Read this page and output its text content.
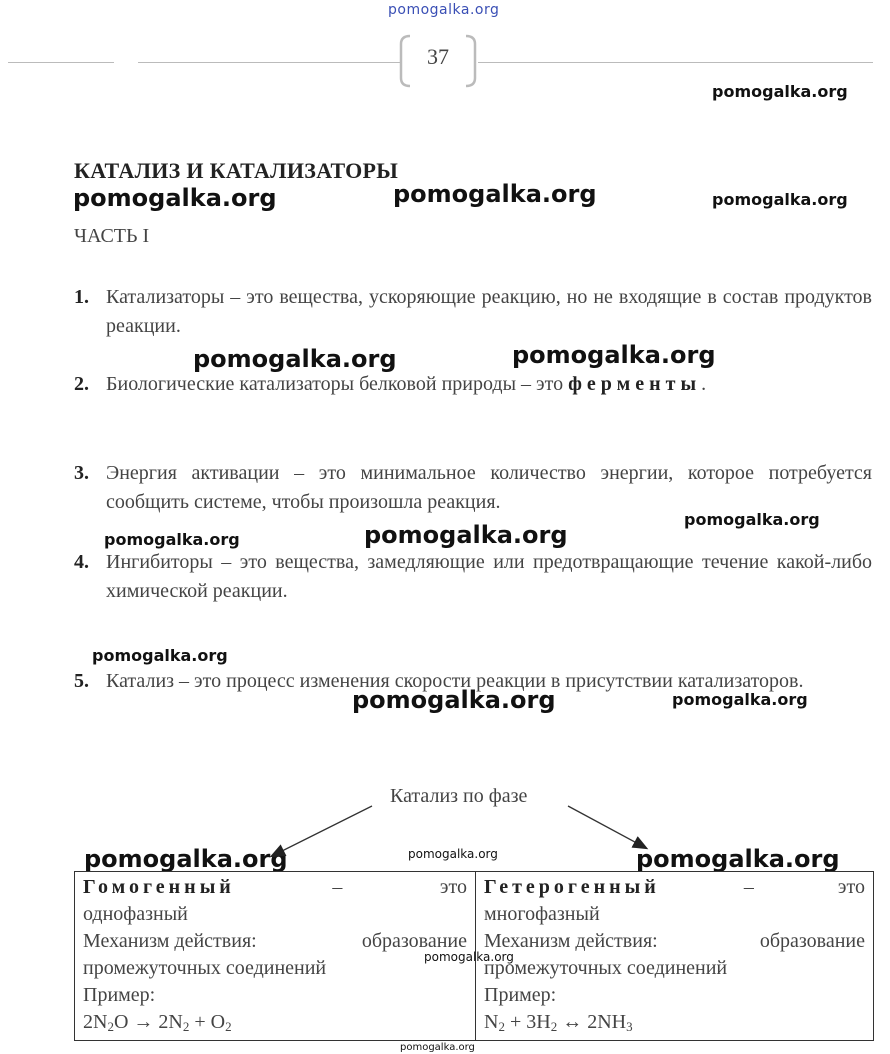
pomogalka.org
37
pomogalka.org
pomogalka.org	pomogalka.org	pomogalka.org
pomogalka.org	pomogalka.org
pomogalka.org	pomogalka.org
pomogalka.org
pomogalka.org
pomogalka.org	pomogalka.org
pomogalka.org	pomogalka.org	pomogalka.org
КАТАЛИЗ И КАТАЛИЗАТОРЫ
ЧАСТЬ I
1. Катализаторы – это вещества, ускоряющие реакцию, но не входящие в состав продуктов реакции.
2. Биологические катализаторы белковой природы – это ферменты.
3. Энергия активации – это минимальное количество энергии, которое потребуется сообщить системе, чтобы произошла реакция.
4. Ингибиторы – это вещества, замедляющие или предотвращающие течение какой-либо химической реакции.
5. Катализ – это процесс изменения скорости реакции в присутствии катализаторов.
Катализ по фазе
Гомогенный	–	это
однофазный
Механизм действия:	образование
промежуточных соединений
Пример:
$2N_2O \to 2N_2 + O_2$

Гетерогенный	–	это
многофазный
Механизм действия:	образование
промежуточных соединений
Пример:
$N_2 + 3H_2$ ↔ $2NH_3$
pomogalka.org
pomogalka.org
